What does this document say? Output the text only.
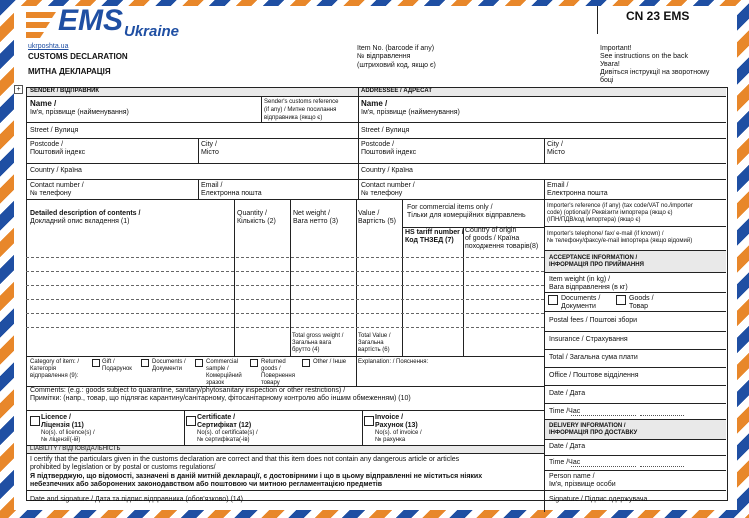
EMS Ukraine
ukrposhta.ua
CUSTOMS DECLARATION
МИТНА ДЕКЛАРАЦІЯ
CN 23 EMS
Item No. (barcode if any)
№ відправлення
(штриховий код, якщо є)
Important!
See instructions on the back
Увага!
Дивіться інструкції на зворотному
боці
+	SENDER / ВІДПРАВНИК	ADDRESSEE / АДРЕСАТ
Name /
Ім'я, прізвище (найменування)
Sender's customs reference
(if any) / Митне посилання
відправника (якщо є)
Street / Вулиця
Postcode /
Поштовий індекс
City /
Місто
Country / Країна
Contact number /
№ телефону
Email /
Електронна пошта
Name /
Ім'я, прізвище (найменування)
Street / Вулиця
Postcode /
Поштовий індекс
City /
Місто
Country / Країна
Contact number /
№ телефону
Email /
Електронна пошта
Detailed description of contents /
Докладний опис вкладення (1)
Quantity /
Кількість (2)
Net weight /
Вага нетто (3)
Value /
Вартість (5)
For commercial items only /
Тільки для комерційних відправлень
HS tariff number /
Код ТНЗЕД (7)
Country of origin
of goods / Країна
походження товарів(8)
Total gross weight /
Загальна вага
брутто (4)
Total Value /
Загальна
вартість (6)
Category of item: /
Категорія
відправлення (9):
Gift /
Подарунок
Documents /
Документи
Commercial
sample /
Комерційний
зразок
Returned
goods /
Повернення
товару
Other / Інше Explanation: / Пояснення:
Comments: (e.g.: goods subject to quarantine, sanitary/phytosanitary inspection or other restrictions) /
Примітки: (напр., товар, що підлягає карантину/санітарному, фітосанітарному контролю або іншим обмеженням) (10)
Licence /
Ліцензія (11)
No(s). of licence(s) /
№ ліцензії(-ій)
Certificate /
Сертифікат (12)
No(s). of certificate(s) /
№ сертифіката(-ів)
Invoice /
Рахунок (13)
No(s). of invoice /
№ рахунка
LIABILITY / ВІДПОВІДАЛЬНІСТЬ
I certify that the particulars given in the customs declaration are correct and that this item does not contain any dangerous article or articles
prohibited by legislation or by postal or customs regulations/
Я підтверджую, що відомості, зазначені в даній митній декларації, є достовірними і що в цьому відправленні не міститься ніяких
небезпечних або заборонених законодавством або поштовою чи митною регламентацією предметів
Date and signature / Дата та підпис відправника (обов'язково) (14)
Importer's reference (if any) (tax code/VAT no./importer
code) (optional)/ Реквізити імпортера (якщо є)
(ІПН/ПДВ/код імпортера) (якщо є)
Importer's telephone/ fax/ e-mail (if known) /
№ телефону/факсу/е-mail імпортера (якщо відомий)
ACCEPTANCE INFORMATION /
ІНФОРМАЦІЯ ПРО ПРИЙМАННЯ
Item weight (in kg) /
Вага відправлення (в кг)
Documents /
Документи
Goods /
Товар
Postal fees / Поштові збори
Insurance / Страхування
Total / Загальна сума плати
Office / Поштове відділення
Date / Дата
Time /Час
DELIVERY INFORMATION /
ІНФОРМАЦІЯ ПРО ДОСТАВКУ
Date / Дата
Time /Час
Person name /
Ім'я, прізвище особи
Signature / Підпис одержувача
